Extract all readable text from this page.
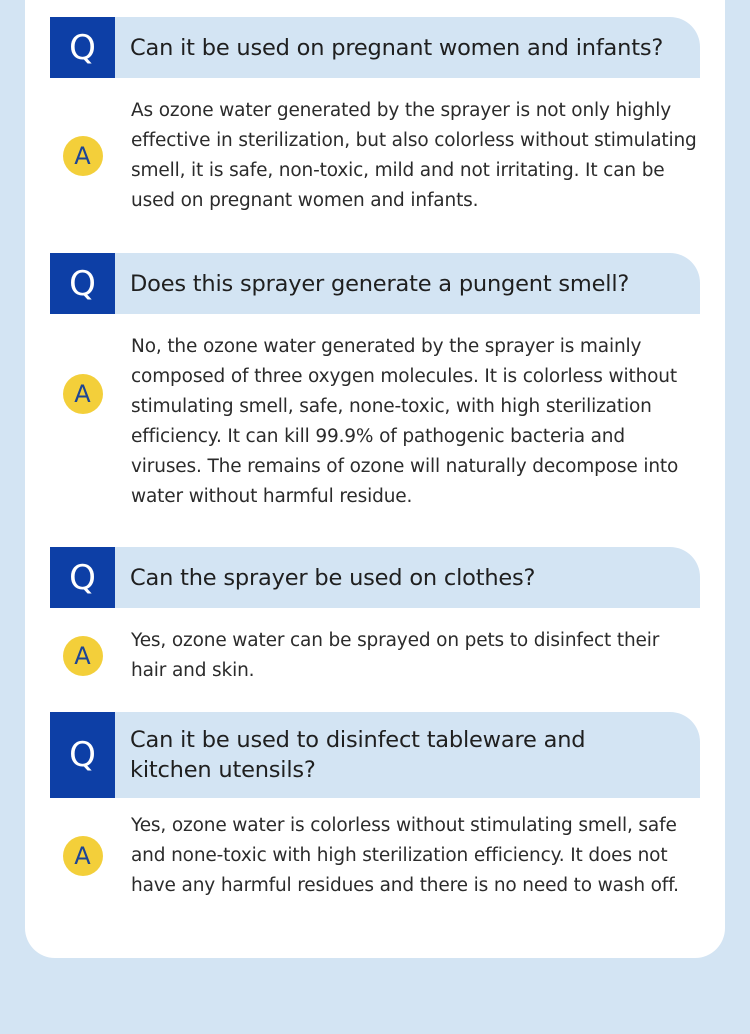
Q	Can it be used on pregnant women and infants?
A
As ozone water generated by the sprayer is not only highly effective in sterilization, but also colorless without stimulating smell, it is safe, non-toxic, mild and not irritating. It can be used on pregnant women and infants.
Q	Does this sprayer generate a pungent smell?
A
No, the ozone water generated by the sprayer is mainly composed of three oxygen molecules. It is colorless without stimulating smell, safe, none-toxic, with high sterilization efficiency. It can kill 99.9% of pathogenic bacteria and viruses. The remains of ozone will naturally decompose into water without harmful residue.
Q	Can the sprayer be used on clothes?
A
Yes, ozone water can be sprayed on pets to disinfect their hair and skin.
Q	Can it be used to disinfect tableware and kitchen utensils?
A
Yes, ozone water is colorless without stimulating smell, safe and none-toxic with high sterilization efficiency. It does not have any harmful residues and there is no need to wash off.
